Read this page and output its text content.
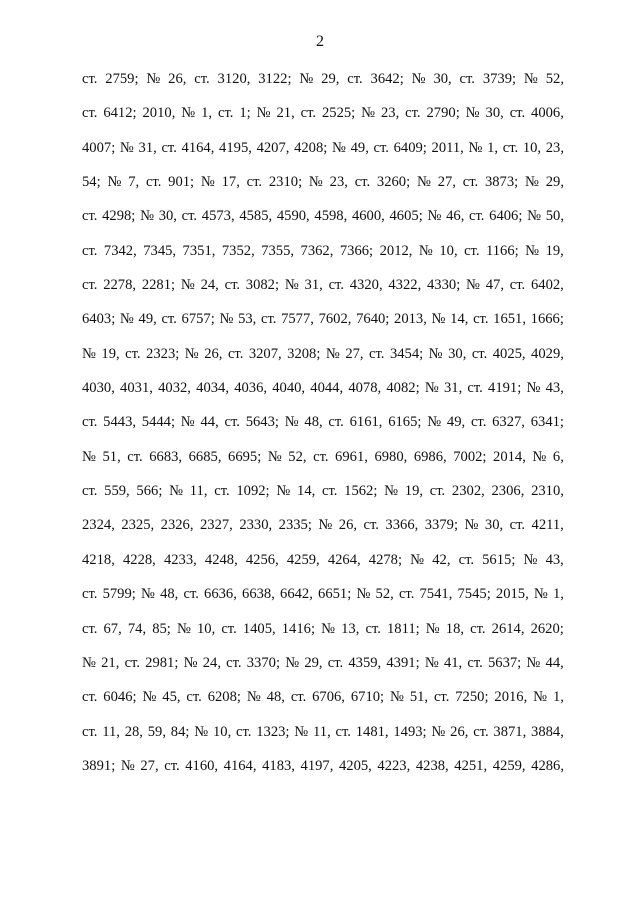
2
ст. 2759; № 26, ст. 3120, 3122; № 29, ст. 3642; № 30, ст. 3739; № 52,
ст. 6412; 2010, № 1, ст. 1; № 21, ст. 2525; № 23, ст. 2790; № 30, ст. 4006,
4007; № 31, ст. 4164, 4195, 4207, 4208; № 49, ст. 6409; 2011, № 1, ст. 10, 23,
54; № 7, ст. 901; № 17, ст. 2310; № 23, ст. 3260; № 27, ст. 3873; № 29,
ст. 4298; № 30, ст. 4573, 4585, 4590, 4598, 4600, 4605; № 46, ст. 6406; № 50,
ст. 7342, 7345, 7351, 7352, 7355, 7362, 7366; 2012, № 10, ст. 1166; № 19,
ст. 2278, 2281; № 24, ст. 3082; № 31, ст. 4320, 4322, 4330; № 47, ст. 6402,
6403; № 49, ст. 6757; № 53, ст. 7577, 7602, 7640; 2013, № 14, ст. 1651, 1666;
№ 19, ст. 2323; № 26, ст. 3207, 3208; № 27, ст. 3454; № 30, ст. 4025, 4029,
4030, 4031, 4032, 4034, 4036, 4040, 4044, 4078, 4082; № 31, ст. 4191; № 43,
ст. 5443, 5444; № 44, ст. 5643; № 48, ст. 6161, 6165; № 49, ст. 6327, 6341;
№ 51, ст. 6683, 6685, 6695; № 52, ст. 6961, 6980, 6986, 7002; 2014, № 6,
ст. 559, 566; № 11, ст. 1092; № 14, ст. 1562; № 19, ст. 2302, 2306, 2310,
2324, 2325, 2326, 2327, 2330, 2335; № 26, ст. 3366, 3379; № 30, ст. 4211,
4218, 4228, 4233, 4248, 4256, 4259, 4264, 4278; № 42, ст. 5615; № 43,
ст. 5799; № 48, ст. 6636, 6638, 6642, 6651; № 52, ст. 7541, 7545; 2015, № 1,
ст. 67, 74, 85; № 10, ст. 1405, 1416; № 13, ст. 1811; № 18, ст. 2614, 2620;
№ 21, ст. 2981; № 24, ст. 3370; № 29, ст. 4359, 4391; № 41, ст. 5637; № 44,
ст. 6046; № 45, ст. 6208; № 48, ст. 6706, 6710; № 51, ст. 7250; 2016, № 1,
ст. 11, 28, 59, 84; № 10, ст. 1323; № 11, ст. 1481, 1493; № 26, ст. 3871, 3884,
3891; № 27, ст. 4160, 4164, 4183, 4197, 4205, 4223, 4238, 4251, 4259, 4286,
